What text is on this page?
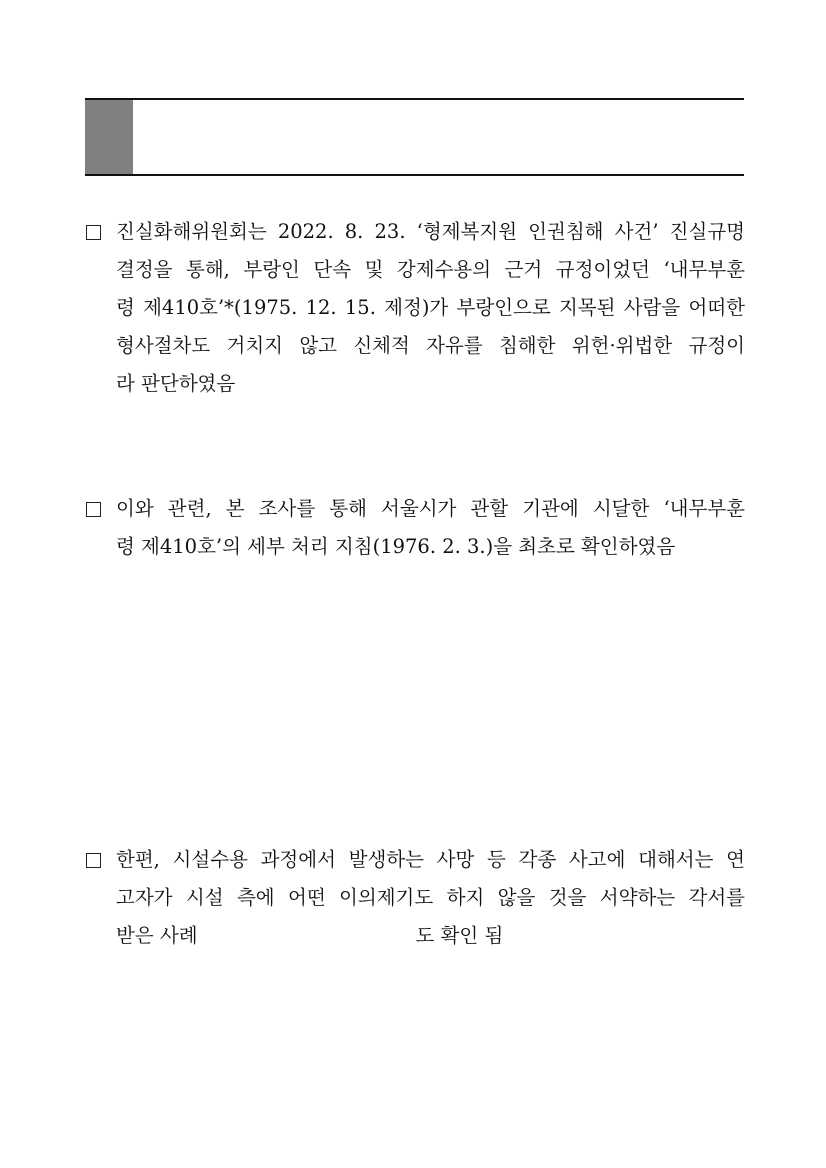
진실화해위원회는 2022. 8. 23. ‘형제복지원 인권침해 사건’ 진실규명
결정을 통해, 부랑인 단속 및 강제수용의 근거 규정이었던 ‘내무부훈
령 제410호’*(1975. 12. 15. 제정)가 부랑인으로 지목된 사람을 어떠한
형사절차도 거치지 않고 신체적 자유를 침해한 위헌·위법한 규정이
라 판단하였음
이와 관련, 본 조사를 통해 서울시가 관할 기관에 시달한 ‘내무부훈
령 제410호’의 세부 처리 지침(1976. 2. 3.)을 최초로 확인하였음
한편, 시설수용 과정에서 발생하는 사망 등 각종 사고에 대해서는 연
고자가 시설 측에 어떤 이의제기도 하지 않을 것을 서약하는 각서를
받은 사례	도 확인 됨
